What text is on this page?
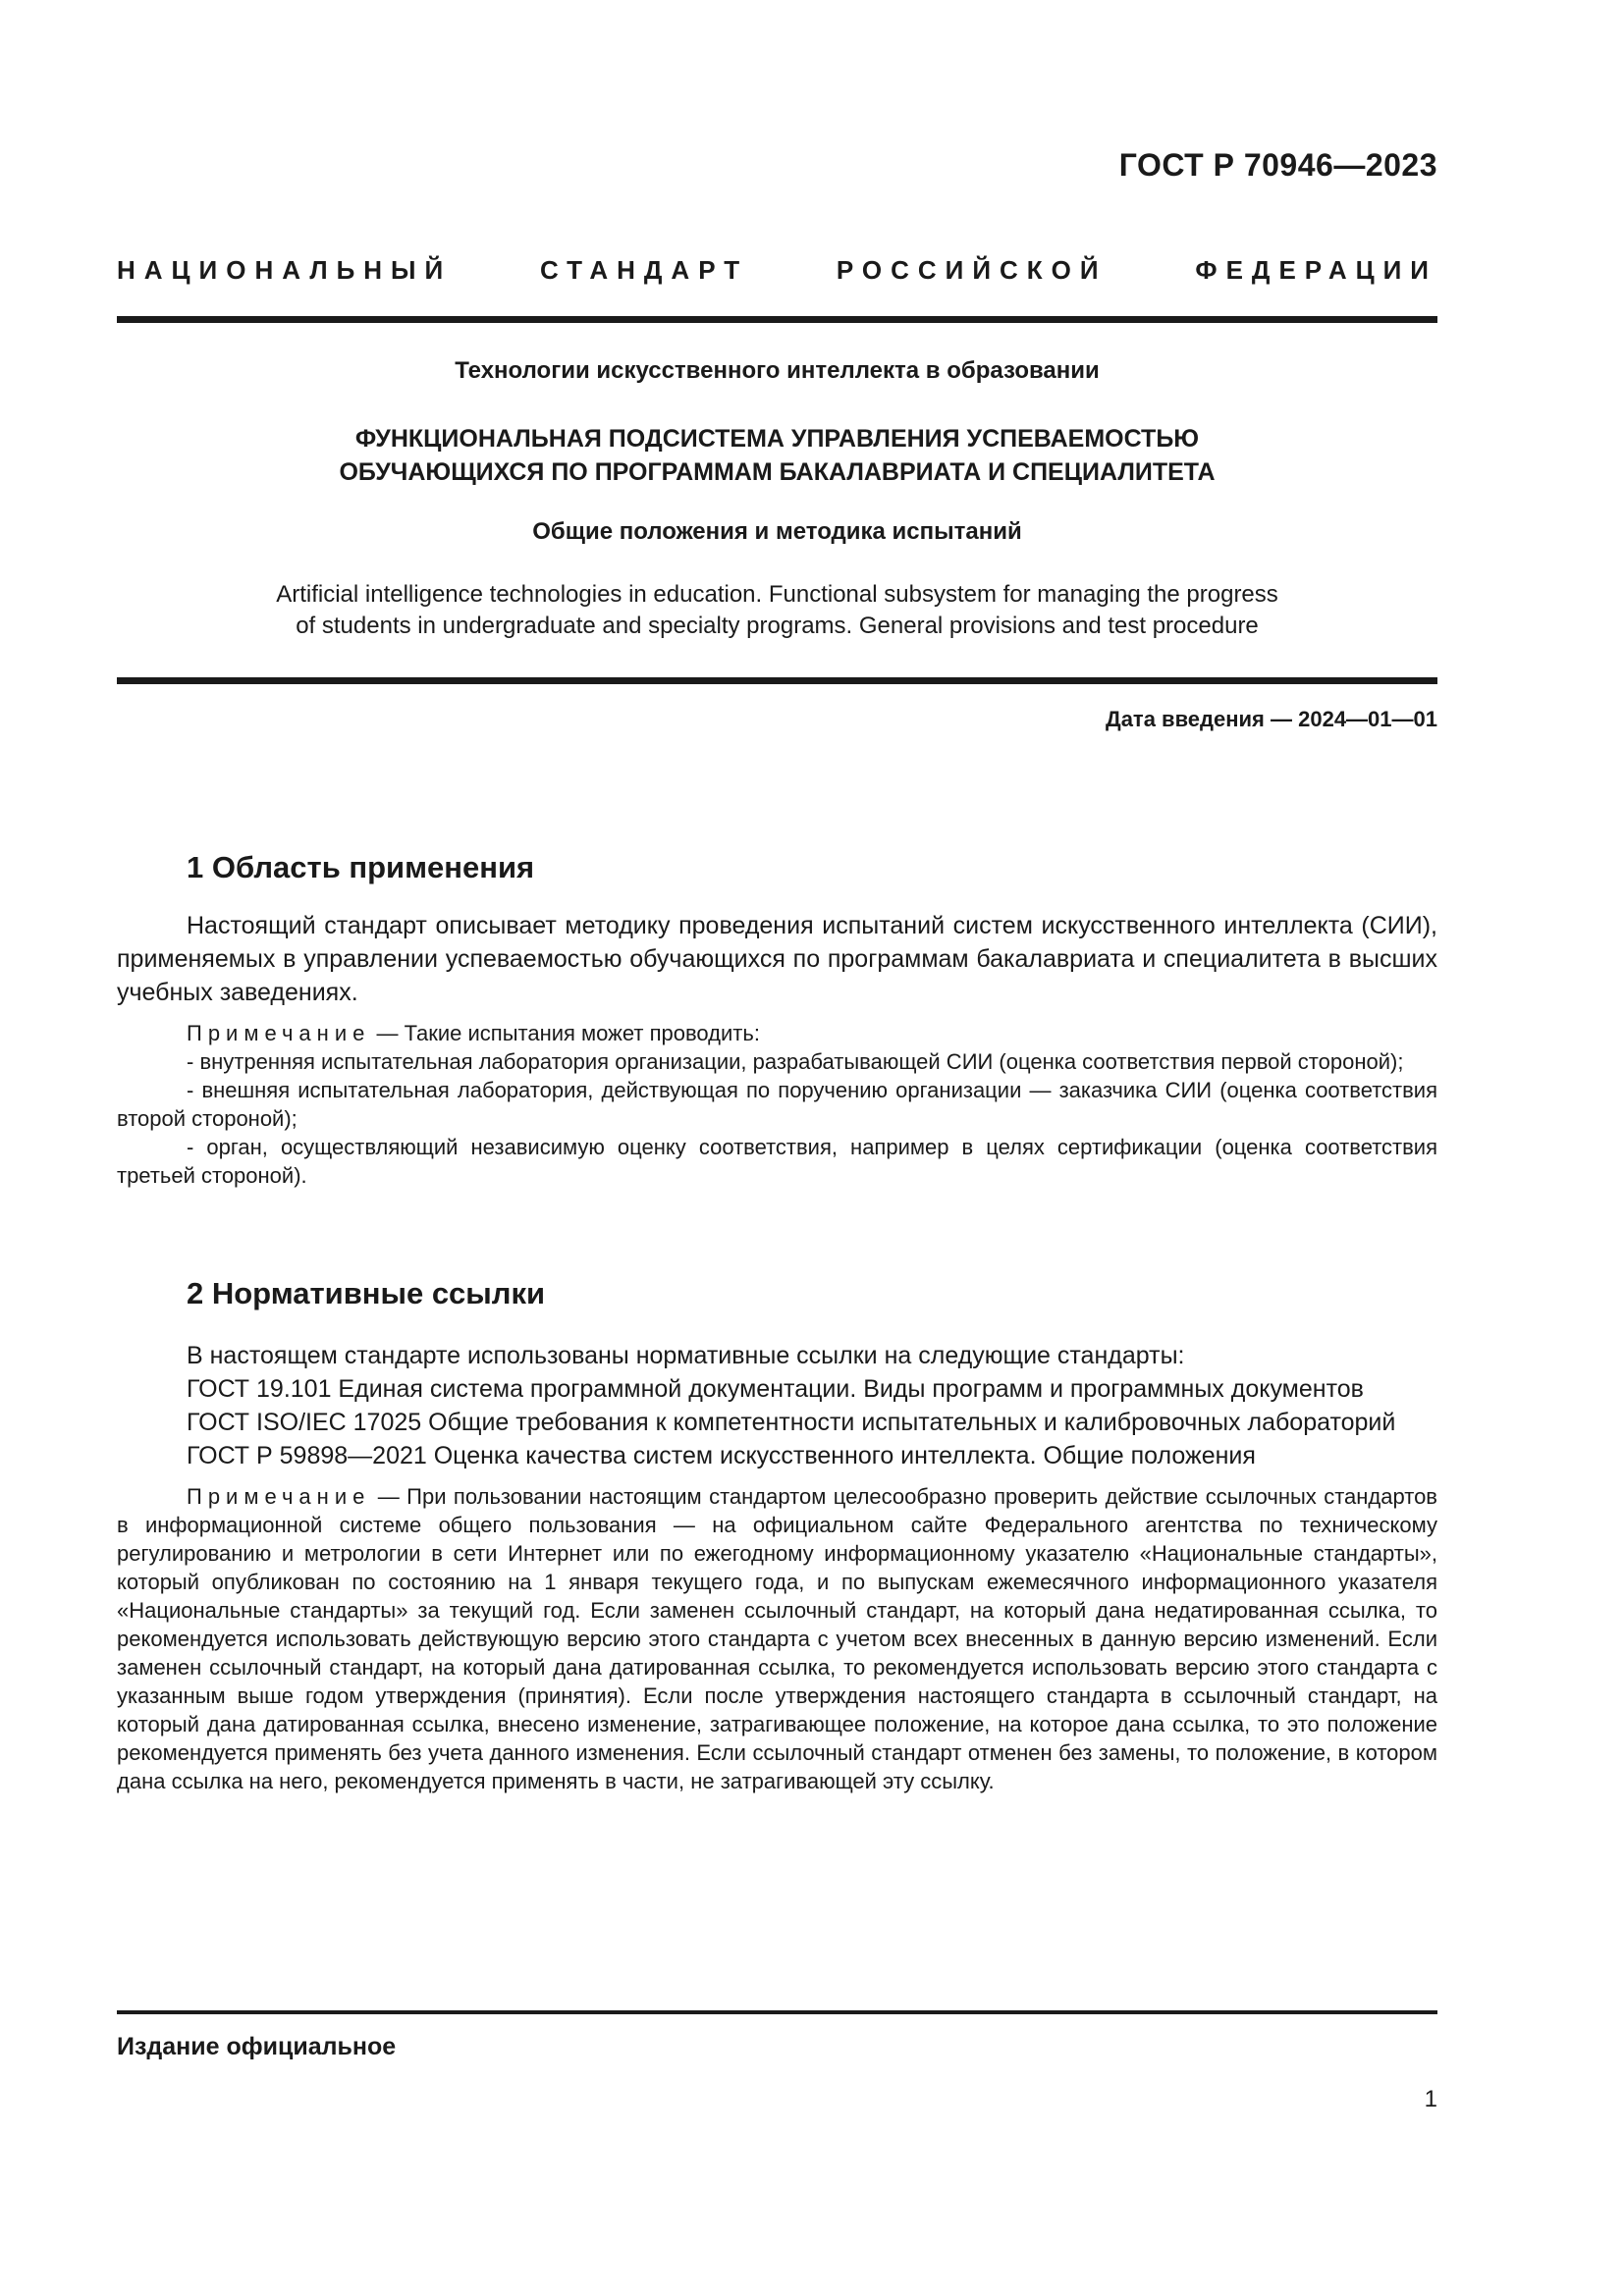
ГОСТ Р 70946—2023
НАЦИОНАЛЬНЫЙ СТАНДАРТ РОССИЙСКОЙ ФЕДЕРАЦИИ
Технологии искусственного интеллекта в образовании
ФУНКЦИОНАЛЬНАЯ ПОДСИСТЕМА УПРАВЛЕНИЯ УСПЕВАЕМОСТЬЮ
ОБУЧАЮЩИХСЯ ПО ПРОГРАММАМ БАКАЛАВРИАТА И СПЕЦИАЛИТЕТА
Общие положения и методика испытаний
Artificial intelligence technologies in education. Functional subsystem for managing the progress
of students in undergraduate and specialty programs. General provisions and test procedure
Дата введения — 2024—01—01
1 Область применения

Настоящий стандарт описывает методику проведения испытаний систем искусственного интеллекта (СИИ), применяемых в управлении успеваемостью обучающихся по программам бакалавриата и специалитета в высших учебных заведениях.

Примечание — Такие испытания может проводить:

- внутренняя испытательная лаборатория организации, разрабатывающей СИИ (оценка соответствия первой стороной);

- внешняя испытательная лаборатория, действующая по поручению организации — заказчика СИИ (оценка соответствия второй стороной);

- орган, осуществляющий независимую оценку соответствия, например в целях сертификации (оценка соответствия третьей стороной).

2 Нормативные ссылки

В настоящем стандарте использованы нормативные ссылки на следующие стандарты:

ГОСТ 19.101 Единая система программной документации. Виды программ и программных документов

ГОСТ ISO/IEC 17025 Общие требования к компетентности испытательных и калибровочных лабораторий

ГОСТ Р 59898—2021 Оценка качества систем искусственного интеллекта. Общие положения

Примечание — При пользовании настоящим стандартом целесообразно проверить действие ссылочных стандартов в информационной системе общего пользования — на официальном сайте Федерального агентства по техническому регулированию и метрологии в сети Интернет или по ежегодному информационному указателю «Национальные стандарты», который опубликован по состоянию на 1 января текущего года, и по выпускам ежемесячного информационного указателя «Национальные стандарты» за текущий год. Если заменен ссылочный стандарт, на который дана недатированная ссылка, то рекомендуется использовать действующую версию этого стандарта с учетом всех внесенных в данную версию изменений. Если заменен ссылочный стандарт, на который дана датированная ссылка, то рекомендуется использовать версию этого стандарта с указанным выше годом утверждения (принятия). Если после утверждения настоящего стандарта в ссылочный стандарт, на который дана датированная ссылка, внесено изменение, затрагивающее положение, на которое дана ссылка, то это положение рекомендуется применять без учета данного изменения. Если ссылочный стандарт отменен без замены, то положение, в котором дана ссылка на него, рекомендуется применять в части, не затрагивающей эту ссылку.

Издание официальное
1
